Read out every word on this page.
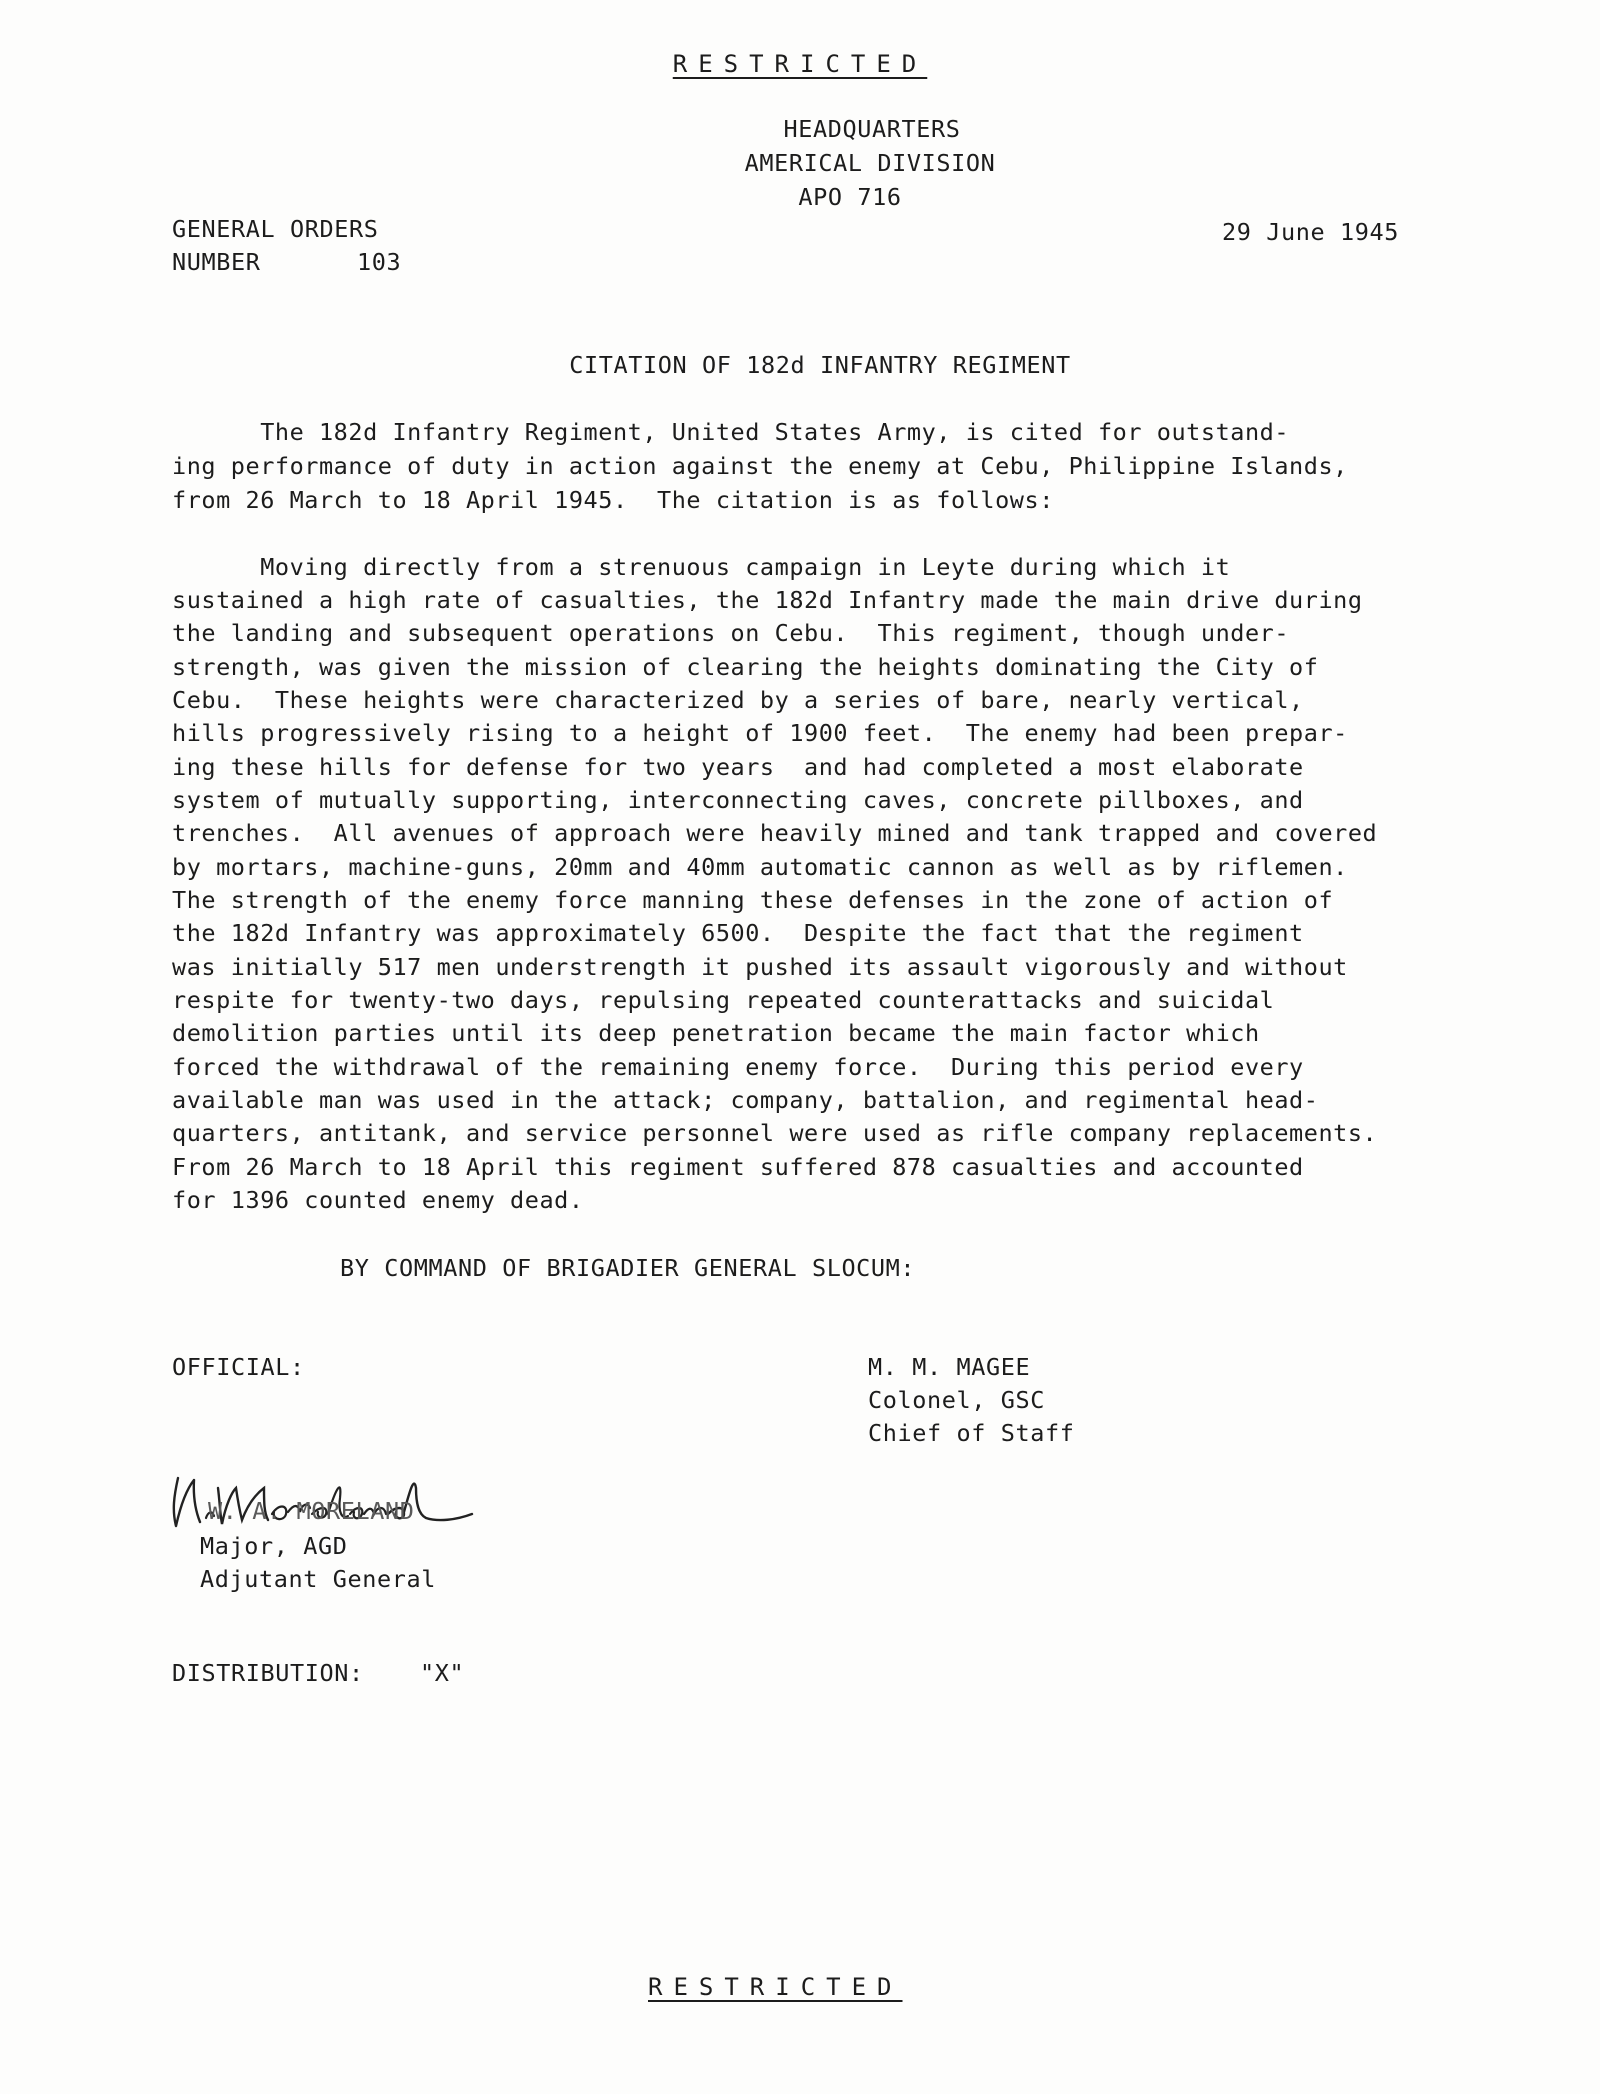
RESTRICTED
HEADQUARTERS
AMERICAL DIVISION
APO 716
GENERAL ORDERS
NUMBER	103
29 June 1945
CITATION OF 182d INFANTRY REGIMENT
The 182d Infantry Regiment, United States Army, is cited for outstand-
ing performance of duty in action against the enemy at Cebu, Philippine Islands,
from 26 March to 18 April 1945.  The citation is as follows:
Moving directly from a strenuous campaign in Leyte during which it
sustained a high rate of casualties, the 182d Infantry made the main drive during
the landing and subsequent operations on Cebu.  This regiment, though under-
strength, was given the mission of clearing the heights dominating the City of
Cebu.  These heights were characterized by a series of bare, nearly vertical,
hills progressively rising to a height of 1900 feet.  The enemy had been prepar-
ing these hills for defense for two years  and had completed a most elaborate
system of mutually supporting, interconnecting caves, concrete pillboxes, and
trenches.  All avenues of approach were heavily mined and tank trapped and covered
by mortars, machine-guns, 20mm and 40mm automatic cannon as well as by riflemen.
The strength of the enemy force manning these defenses in the zone of action of
the 182d Infantry was approximately 6500.  Despite the fact that the regiment
was initially 517 men understrength it pushed its assault vigorously and without
respite for twenty-two days, repulsing repeated counterattacks and suicidal
demolition parties until its deep penetration became the main factor which
forced the withdrawal of the remaining enemy force.  During this period every
available man was used in the attack; company, battalion, and regimental head-
quarters, antitank, and service personnel were used as rifle company replacements.
From 26 March to 18 April this regiment suffered 878 casualties and accounted
for 1396 counted enemy dead.
BY COMMAND OF BRIGADIER GENERAL SLOCUM:
OFFICIAL:	M. M. MAGEE
Colonel, GSC
Chief of Staff
W. A. MORELAND
Major, AGD
Adjutant General
DISTRIBUTION: "X"
RESTRICTED
